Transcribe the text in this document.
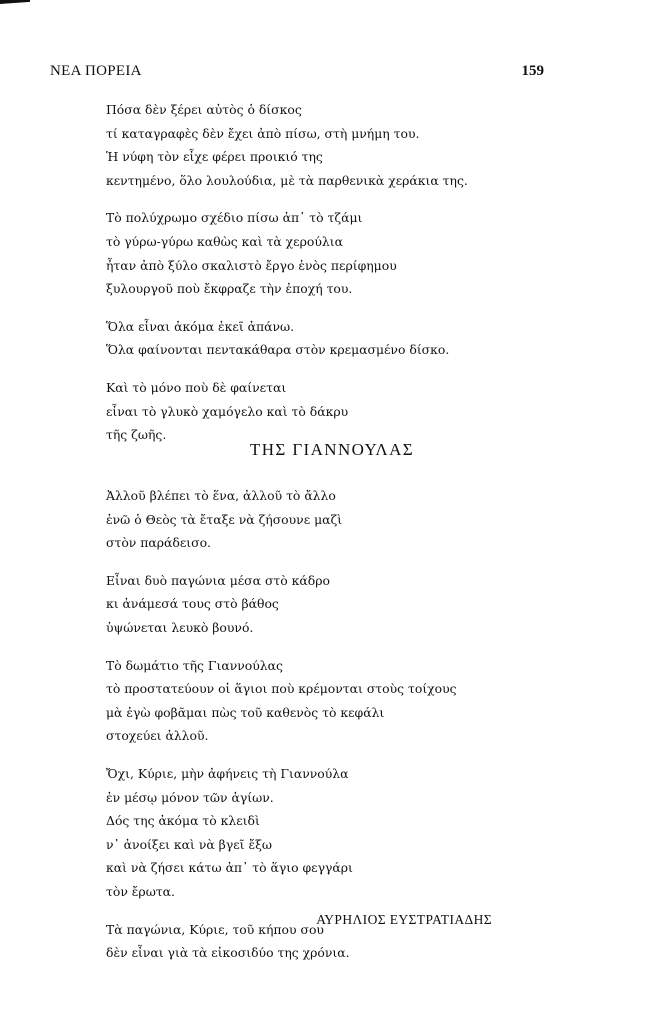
ΝΕΑ ΠΟΡΕΙΑ	159
Πόσα δὲν ξέρει αὐτὸς ὁ δίσκος
τί καταγραφὲς δὲν ἔχει ἀπὸ πίσω, στὴ μνήμη του.
Ἡ νύφη τὸν εἶχε φέρει προικιό της
κεντημένο, ὅλο λουλούδια, μὲ τὰ παρθενικὰ χεράκια της.
Τὸ πολύχρωμο σχέδιο πίσω ἀπ᾿ τὸ τζάμι
τὸ γύρω-γύρω καθὼς καὶ τὰ χερούλια
ἦταν ἀπὸ ξύλο σκαλιστὸ ἔργο ἑνὸς περίφημου
ξυλουργοῦ ποὺ ἔκφραζε τὴν ἐποχή του.
Ὅλα εἶναι ἀκόμα ἐκεῖ ἀπάνω.
Ὅλα φαίνονται πεντακάθαρα στὸν κρεμασμένο δίσκο.
Καὶ τὸ μόνο ποὺ δὲ φαίνεται
εἶναι τὸ γλυκὸ χαμόγελο καὶ τὸ δάκρυ
τῆς ζωῆς.
ΤΗΣ ΓΙΑΝΝΟΥΛΑΣ
Ἀλλοῦ βλέπει τὸ ἕνα, ἀλλοῦ τὸ ἄλλο
ἐνῶ ὁ Θεὸς τὰ ἔταξε νὰ ζήσουνε μαζὶ
στὸν παράδεισο.
Εἶναι δυὸ παγώνια μέσα στὸ κάδρο
κι ἀνάμεσά τους στὸ βάθος
ὑψώνεται λευκὸ βουνό.
Τὸ δωμάτιο τῆς Γιαννούλας
τὸ προστατεύουν οἱ ἅγιοι ποὺ κρέμονται στοὺς τοίχους
μὰ ἐγὼ φοβᾶμαι πὼς τοῦ καθενὸς τὸ κεφάλι
στοχεύει ἀλλοῦ.
Ὄχι, Κύριε, μὴν ἀφήνεις τὴ Γιαννούλα
ἐν μέσῳ μόνον τῶν ἁγίων.
Δός της ἀκόμα τὸ κλειδὶ
ν᾿ ἀνοίξει καὶ νὰ βγεῖ ἔξω
καὶ νὰ ζήσει κάτω ἀπ᾿ τὸ ἅγιο φεγγάρι
τὸν ἔρωτα.
Τὰ παγώνια, Κύριε, τοῦ κήπου σου
δὲν εἶναι γιὰ τὰ εἰκοσιδύο της χρόνια.
ΑΥΡΗΛΙΟΣ ΕΥΣΤΡΑΤΙΑΔΗΣ
